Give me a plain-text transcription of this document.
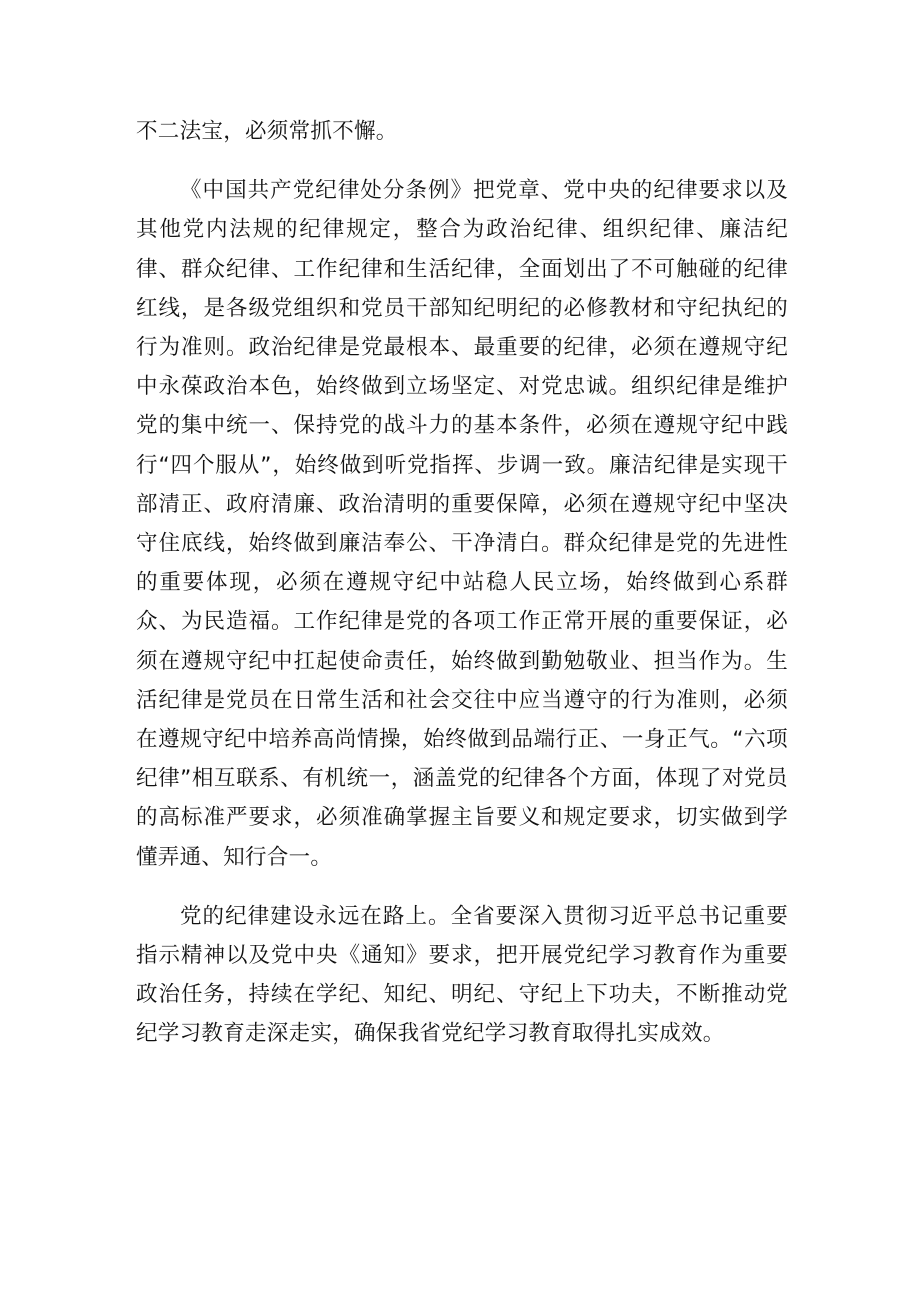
不二法宝，必须常抓不懈。

《中国共产党纪律处分条例》把党章、党中央的纪律要求以及其他党内法规的纪律规定，整合为政治纪律、组织纪律、廉洁纪律、群众纪律、工作纪律和生活纪律，全面划出了不可触碰的纪律红线，是各级党组织和党员干部知纪明纪的必修教材和守纪执纪的行为准则。政治纪律是党最根本、最重要的纪律，必须在遵规守纪中永葆政治本色，始终做到立场坚定、对党忠诚。组织纪律是维护党的集中统一、保持党的战斗力的基本条件，必须在遵规守纪中践行“四个服从”，始终做到听党指挥、步调一致。廉洁纪律是实现干部清正、政府清廉、政治清明的重要保障，必须在遵规守纪中坚决守住底线，始终做到廉洁奉公、干净清白。群众纪律是党的先进性的重要体现，必须在遵规守纪中站稳人民立场，始终做到心系群众、为民造福。工作纪律是党的各项工作正常开展的重要保证，必须在遵规守纪中扛起使命责任，始终做到勤勉敬业、担当作为。生活纪律是党员在日常生活和社会交往中应当遵守的行为准则，必须在遵规守纪中培养高尚情操，始终做到品端行正、一身正气。“六项纪律”相互联系、有机统一，涵盖党的纪律各个方面，体现了对党员的高标准严要求，必须准确掌握主旨要义和规定要求，切实做到学懂弄通、知行合一。

党的纪律建设永远在路上。全省要深入贯彻习近平总书记重要指示精神以及党中央《通知》要求，把开展党纪学习教育作为重要政治任务，持续在学纪、知纪、明纪、守纪上下功夫，不断推动党纪学习教育走深走实，确保我省党纪学习教育取得扎实成效。
